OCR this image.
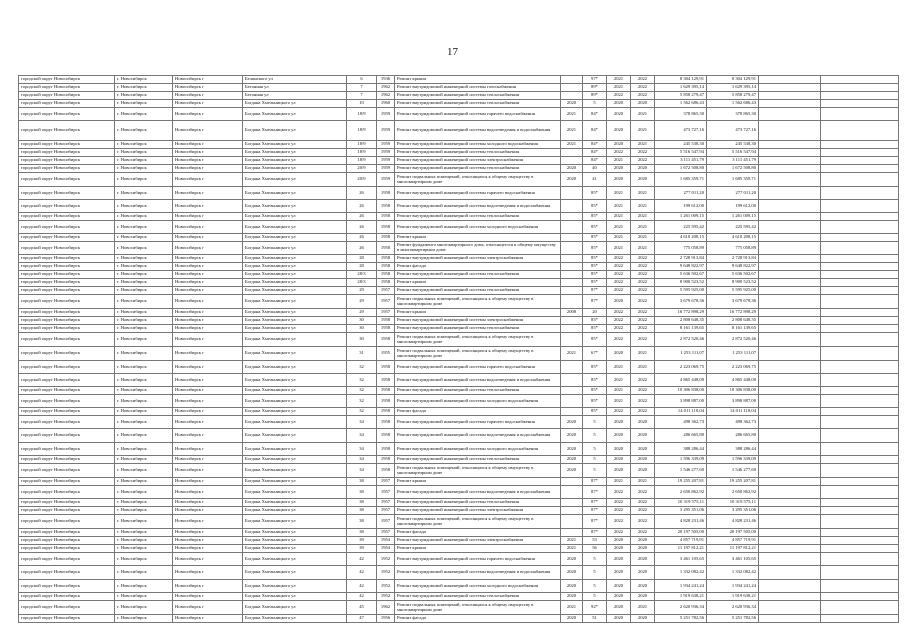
17
городской округ Новосибирск	г. Новосибирск	Новосибирск г	Белинского ул	6	1936	Ремонт крыши		97*	2021	2022	8 304 129,91	8 304 129,91		
городской округ Новосибирск	г. Новосибирск	Новосибирск г	Бетонная ул	7	1962	Ремонт внутридомовой инженерной системы газоснабжения		89*	2021	2022	1 629 395,14	1 629 395,14		
городской округ Новосибирск	г. Новосибирск	Новосибирск г	Бетонная ул	7	1962	Ремонт внутридомовой инженерной системы теплоснабжения		89*	2022	2022	5 858 279,47	5 858 279,47		
городской округ Новосибирск	г. Новосибирск	Новосибирск г	Богдана Хмельницкого ул	10	1960	Ремонт внутридомовой инженерной системы теплоснабжения	2020	5	2020	2020	1 562 686,43	1 562 686,43		
городской округ Новосибирск	г. Новосибирск	Новосибирск г	Богдана Хмельницкого ул	18/9	1959	Ремонт внутридомовой инженерной системы горячего водоснабжения	2021	84*	2020	2021	378 865,30	378 865,30		
городской округ Новосибирск	г. Новосибирск	Новосибирск г	Богдана Хмельницкого ул	18/9	1959	Ремонт внутридомовой инженерной системы водоотведения и водоснабжения	2021	84*	2020	2021	473 727,16	473 727,16		
городской округ Новосибирск	г. Новосибирск	Новосибирск г	Богдана Хмельницкого ул	18/9	1959	Ремонт внутридомовой инженерной системы холодного водоснабжения	2021	84*	2020	2021	245 538,30	245 538,30		
городской округ Новосибирск	г. Новосибирск	Новосибирск г	Богдана Хмельницкого ул	18/9	1959	Ремонт внутридомовой инженерной системы теплоснабжения		84*	2022	2022	5 516 547,94	5 516 547,94		
городской округ Новосибирск	г. Новосибирск	Новосибирск г	Богдана Хмельницкого ул	18/9	1959	Ремонт внутридомовой инженерной системы электроснабжения		84*	2021	2022	3 111 451,79	3 111 451,79		
городской округ Новосибирск	г. Новосибирск	Новосибирск г	Богдана Хмельницкого ул	20/9	1959	Ремонт внутридомовой инженерной системы теплоснабжения	2020	40	2020	2020	1 672 508,80	1 672 508,80		
городской округ Новосибирск	г. Новосибирск	Новосибирск г	Богдана Хмельницкого ул	20/9	1959	Ремонт подвальных помещений, относящихся к общему имуществу в многоквартирном доме	2020	41	2020	2020	1 685 359,71	1 685 359,71		
городской округ Новосибирск	г. Новосибирск	Новосибирск г	Богдана Хмельницкого ул	26	1958	Ремонт внутридомовой инженерной системы горячего водоснабжения		85*	2021	2021	277 011,20	277 011,20		
городской округ Новосибирск	г. Новосибирск	Новосибирск г	Богдана Хмельницкого ул	26	1958	Ремонт внутридомовой инженерной системы водоотведения и водоснабжения		85*	2021	2021	199 612,00	199 612,00		
городской округ Новосибирск	г. Новосибирск	Новосибирск г	Богдана Хмельницкого ул	26	1958	Ремонт внутридомовой инженерной системы теплоснабжения		85*	2021	2021	1 261 009,15	1 261 009,15		
городской округ Новосибирск	г. Новосибирск	Новосибирск г	Богдана Хмельницкого ул	26	1958	Ремонт внутридомовой инженерной системы холодного водоснабжения		85*	2021	2021	225 595,42	225 595,42		
городской округ Новосибирск	г. Новосибирск	Новосибирск г	Богдана Хмельницкого ул	26	1958	Ремонт крыши		85*	2021	2021	4 610 208,15	4 610 208,15		
городской округ Новосибирск	г. Новосибирск	Новосибирск г	Богдана Хмельницкого ул	26	1958	Ремонт фундамента многоквартирного дома, относящегося к общему имуществу в многоквартирном доме		85*	2021	2021	775 058,89	775 058,89		
городской округ Новосибирск	г. Новосибирск	Новосибирск г	Богдана Хмельницкого ул	28	1958	Ремонт внутридомовой инженерной системы электроснабжения		85*	2022	2022	2 728 913,84	2 728 913,84		
городской округ Новосибирск	г. Новосибирск	Новосибирск г	Богдана Хмельницкого ул	28	1958	Ремонт фасада		85*	2022	2022	9 648 822,97	9 648 822,97		
городской округ Новосибирск	г. Новосибирск	Новосибирск г	Богдана Хмельницкого ул	28/3	1958	Ремонт внутридомовой инженерной системы теплоснабжения		85*	2022	2022	5 636 502,67	5 636 502,67		
городской округ Новосибирск	г. Новосибирск	Новосибирск г	Богдана Хмельницкого ул	28/3	1958	Ремонт крыши		85*	2022	2022	8 900 523,52	8 900 523,52		
городской округ Новосибирск	г. Новосибирск	Новосибирск г	Богдана Хмельницкого ул	29	1957	Ремонт внутридомовой инженерной системы теплоснабжения		87*	2022	2022	5 595 925,00	5 595 925,00		
городской округ Новосибирск	г. Новосибирск	Новосибирск г	Богдана Хмельницкого ул	29	1957	Ремонт подвальных помещений, относящихся к общему имуществу в многоквартирном доме		87*	2020	2022	3 679 678,36	3 679 678,36		
городской округ Новосибирск	г. Новосибирск	Новосибирск г	Богдана Хмельницкого ул	29	1957	Ремонт крыши	2008	20	2022	2022	16 772 898,29	16 772 898,29		
городской округ Новосибирск	г. Новосибирск	Новосибирск г	Богдана Хмельницкого ул	30	1958	Ремонт внутридомовой инженерной системы электроснабжения		85*	2022	2022	2 808 648,35	2 808 648,35		
городской округ Новосибирск	г. Новосибирск	Новосибирск г	Богдана Хмельницкого ул	30	1958	Ремонт внутридомовой инженерной системы теплоснабжения		85*	2022	2022	8 161 139,65	8 161 139,65		
городской округ Новосибирск	г. Новосибирск	Новосибирск г	Богдана Хмельницкого ул	30	1958	Ремонт подвальных помещений, относящихся к общему имуществу в многоквартирном доме		85*	2022	2022	2 872 520,46	2 872 520,46		
городской округ Новосибирск	г. Новосибирск	Новосибирск г	Богдана Хмельницкого ул	31	1955	Ремонт подвальных помещений, относящихся к общему имуществу в многоквартирном доме	2021	67*	2020	2021	1 253 111,07	1 253 111,07		
городской округ Новосибирск	г. Новосибирск	Новосибирск г	Богдана Хмельницкого ул	32	1958	Ремонт внутридомовой инженерной системы горячего водоснабжения		85*	2021	2021	2 223 069,75	2 223 069,75		
городской округ Новосибирск	г. Новосибирск	Новосибирск г	Богдана Хмельницкого ул	32	1958	Ремонт внутридомовой инженерной системы водоотведения и водоснабжения		85*	2021	2022	4 865 448,00	4 865 448,00		
городской округ Новосибирск	г. Новосибирск	Новосибирск г	Богдана Хмельницкого ул	32	1958	Ремонт внутридомовой инженерной системы теплоснабжения		85*	2021	2022	10 306 838,00	10 306 838,00		
городской округ Новосибирск	г. Новосибирск	Новосибирск г	Богдана Хмельницкого ул	32	1958	Ремонт внутридомовой инженерной системы холодного водоснабжения		85*	2021	2022	3 898 887,00	3 898 887,00		
городской округ Новосибирск	г. Новосибирск	Новосибирск г	Богдана Хмельницкого ул	32	1958	Ремонт фасада		85*	2022	2022	14 011 118,04	14 011 118,04		
городской округ Новосибирск	г. Новосибирск	Новосибирск г	Богдана Хмельницкого ул	34	1958	Ремонт внутридомовой инженерной системы горячего водоснабжения	2020	5	2020	2020	498 362,73	498 362,73		
городской округ Новосибирск	г. Новосибирск	Новосибирск г	Богдана Хмельницкого ул	34	1958	Ремонт внутридомовой инженерной системы водоотведения и водоснабжения	2020	5	2020	2020	286 665,80	286 665,80		
городской округ Новосибирск	г. Новосибирск	Новосибирск г	Богдана Хмельницкого ул	34	1958	Ремонт внутридомовой инженерной системы холодного водоснабжения	2020	5	2020	2020	388 286,44	388 286,44		
городской округ Новосибирск	г. Новосибирск	Новосибирск г	Богдана Хмельницкого ул	34	1958	Ремонт внутридомовой инженерной системы теплоснабжения	2020	5	2020	2020	1 596 339,09	1 596 339,09		
городской округ Новосибирск	г. Новосибирск	Новосибирск г	Богдана Хмельницкого ул	34	1958	Ремонт подвальных помещений, относящихся к общему имуществу в многоквартирном доме	2020	5	2020	2020	1 546 277,60	1 546 277,60		
городской округ Новосибирск	г. Новосибирск	Новосибирск г	Богдана Хмельницкого ул	38	1957	Ремонт крыши		87*	2021	2021	19 255 207,81	19 255 207,81		
городской округ Новосибирск	г. Новосибирск	Новосибирск г	Богдана Хмельницкого ул	38	1957	Ремонт внутридомовой инженерной системы водоотведения и водоснабжения		87*	2022	2022	2 650 862,92	2 650 862,92		
городской округ Новосибирск	г. Новосибирск	Новосибирск г	Богдана Хмельницкого ул	38	1957	Ремонт внутридомовой инженерной системы теплоснабжения		87*	2022	2022	10 319 575,11	10 319 575,11		
городской округ Новосибирск	г. Новосибирск	Новосибирск г	Богдана Хмельницкого ул	38	1957	Ремонт внутридомовой инженерной системы электроснабжения		87*	2022	2022	3 295 351,06	3 295 351,06		
городской округ Новосибирск	г. Новосибирск	Новосибирск г	Богдана Хмельницкого ул	38	1957	Ремонт подвальных помещений, относящихся к общему имуществу в многоквартирном доме		87*	2022	2022	4 828 231,46	4 828 231,46		
городской округ Новосибирск	г. Новосибирск	Новосибирск г	Богдана Хмельницкого ул	38	1957	Ремонт фасада		87*	2022	2022	20 197 505,00	20 197 505,00		
городской округ Новосибирск	г. Новосибирск	Новосибирск г	Богдана Хмельницкого ул	39	1954	Ремонт внутридомовой инженерной системы электроснабжения	2021	53	2020	2020	4 857 719,91	4 857 719,91		
городской округ Новосибирск	г. Новосибирск	Новосибирск г	Богдана Хмельницкого ул	39	1954	Ремонт крыши	2021	56	2020	2020	11 197 812,21	11 197 812,21		
городской округ Новосибирск	г. Новосибирск	Новосибирск г	Богдана Хмельницкого ул	42	1952	Ремонт внутридомовой инженерной системы горячего водоснабжения	2020	5	2020	2020	3 461 105,65	3 461 105,65		
городской округ Новосибирск	г. Новосибирск	Новосибирск г	Богдана Хмельницкого ул	42	1952	Ремонт внутридомовой инженерной системы водоотведения и водоснабжения	2020	5	2020	2020	1 332 082,42	1 332 082,42		
городской округ Новосибирск	г. Новосибирск	Новосибирск г	Богдана Хмельницкого ул	42	1952	Ремонт внутридомовой инженерной системы холодного водоснабжения	2020	5	2020	2020	1 934 241,24	1 934 241,24		
городской округ Новосибирск	г. Новосибирск	Новосибирск г	Богдана Хмельницкого ул	42	1952	Ремонт внутридомовой инженерной системы теплоснабжения	2020	5	2020	2020	1 919 638,21	1 919 638,21		
городской округ Новосибирск	г. Новосибирск	Новосибирск г	Богдана Хмельницкого ул	45	1962	Ремонт подвальных помещений, относящихся к общему имуществу в многоквартирном доме	2021	92*	2020	2021	2 620 936,34	2 620 936,34		
городской округ Новосибирск	г. Новосибирск	Новосибирск г	Богдана Хмельницкого ул	47	1956	Ремонт фасада	2020	51	2020	2020	5 251 782,56	5 251 782,56		
